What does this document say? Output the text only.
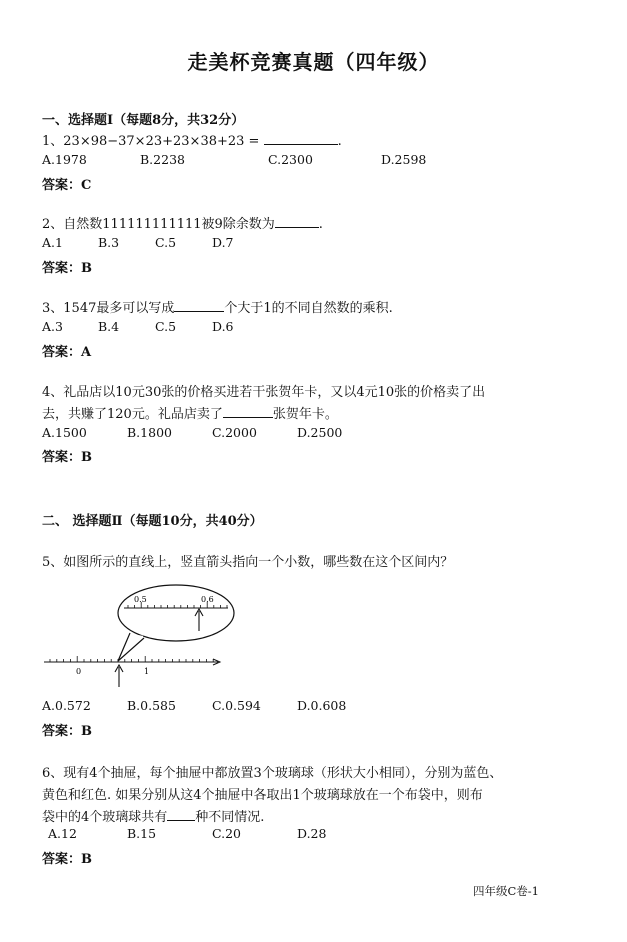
走美杯竞赛真题（四年级）
一、选择题Ⅰ（每题8分，共32分）
1、23×98−37×23+23×38+23 =	.
A.1978	B.2238	C.2300	D.2598
答案：C
2、自然数111111111111被9除余数为	.
A.1	B.3	C.5	D.7
答案：B
3、1547最多可以写成	个大于1的不同自然数的乘积.
A.3	B.4	C.5	D.6
答案：A
4、礼品店以10元30张的价格买进若干张贺年卡，又以4元10张的价格卖了出
去，共赚了120元。礼品店卖了	张贺年卡。
A.1500	B.1800	C.2000	D.2500
答案：B
二、 选择题Ⅱ（每题10分，共40分）
5、如图所示的直线上，竖直箭头指向一个小数，哪些数在这个区间内？
0.5	0.6
0	1
A.0.572	B.0.585	C.0.594	D.0.608
答案：B
6、现有4个抽屉，每个抽屉中都放置3个玻璃球（形状大小相同），分别为蓝色、
黄色和红色. 如果分别从这4个抽屉中各取出1个玻璃球放在一个布袋中，则布
袋中的4个玻璃球共有 种不同情况.
A.12	B.15	C.20	D.28
答案：B
四年级C卷-1
